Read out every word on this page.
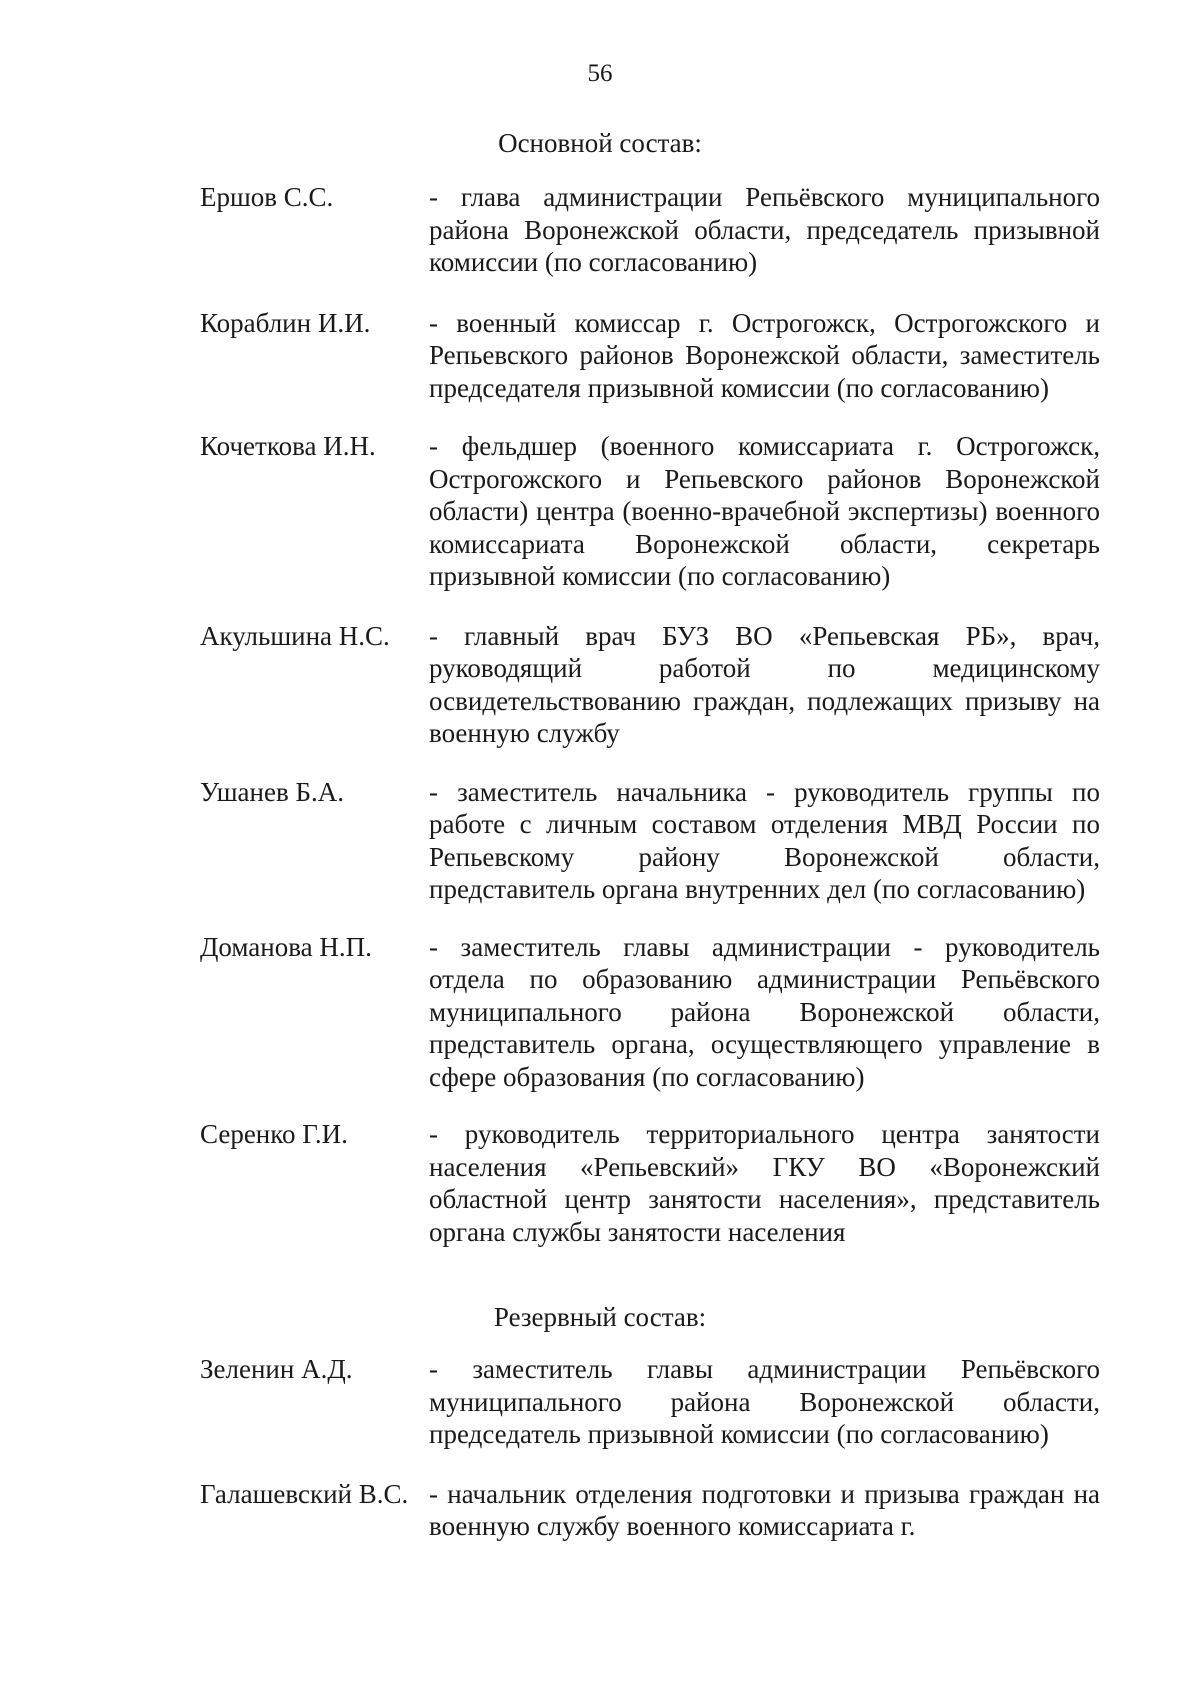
56
Основной состав:
Ершов С.С.	- глава администрации Репьёвского муниципального района Воронежской области, председатель призывной комиссии (по согласованию)
Кораблин И.И.	- военный комиссар г. Острогожск, Острогожского и Репьевского районов Воронежской области, заместитель председателя призывной комиссии (по согласованию)
Кочеткова И.Н.	- фельдшер (военного комиссариата г. Острогожск, Острогожского и Репьевского районов Воронежской области) центра (военно-врачебной экспертизы) военного комиссариата Воронежской области, секретарь призывной комиссии (по согласованию)
Акульшина Н.С.	- главный врач БУЗ ВО «Репьевская РБ», врач, руководящий работой по медицинскому освидетельствованию граждан, подлежащих призыву на военную службу
Ушанев Б.А.	- заместитель начальника - руководитель группы по работе с личным составом отделения МВД России по Репьевскому району Воронежской области, представитель органа внутренних дел (по согласованию)
Доманова Н.П.	- заместитель главы администрации - руководитель отдела по образованию администрации Репьёвского муниципального района Воронежской области, представитель органа, осуществляющего управление в сфере образования (по согласованию)
Серенко Г.И.	- руководитель территориального центра занятости населения «Репьевский» ГКУ ВО «Воронежский областной центр занятости населения», представитель органа службы занятости населения
Резервный состав:
Зеленин А.Д.	- заместитель главы администрации Репьёвского муниципального района Воронежской области, председатель призывной комиссии (по согласованию)
Галашевский В.С. - начальник отделения подготовки и призыва граждан на военную службу военного комиссариата г.
